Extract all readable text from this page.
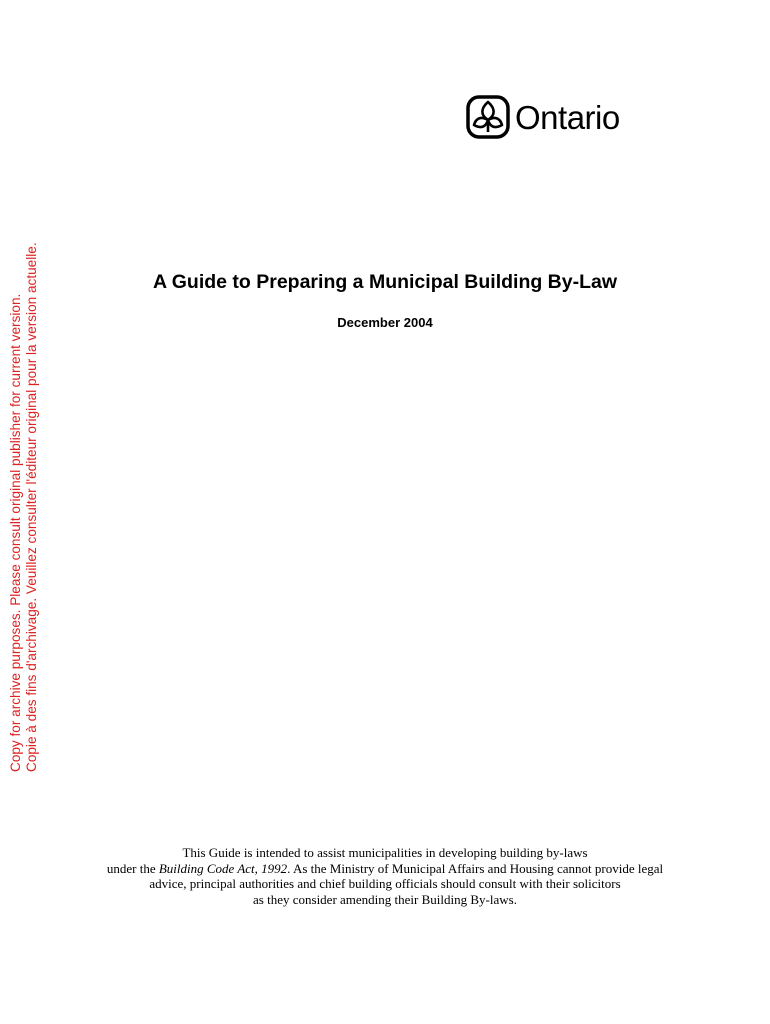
Ontario
Copy for archive purposes. Please consult original publisher for current version. Copie à des fins d'archivage. Veuillez consulter l'éditeur original pour la version actuelle.	A Guide to Preparing a Municipal Building By-Law
December 2004
This Guide is intended to assist municipalities in developing building by-laws
under the Building Code Act, 1992. As the Ministry of Municipal Affairs and Housing cannot provide legal
advice, principal authorities and chief building officials should consult with their solicitors
as they consider amending their Building By-laws.
